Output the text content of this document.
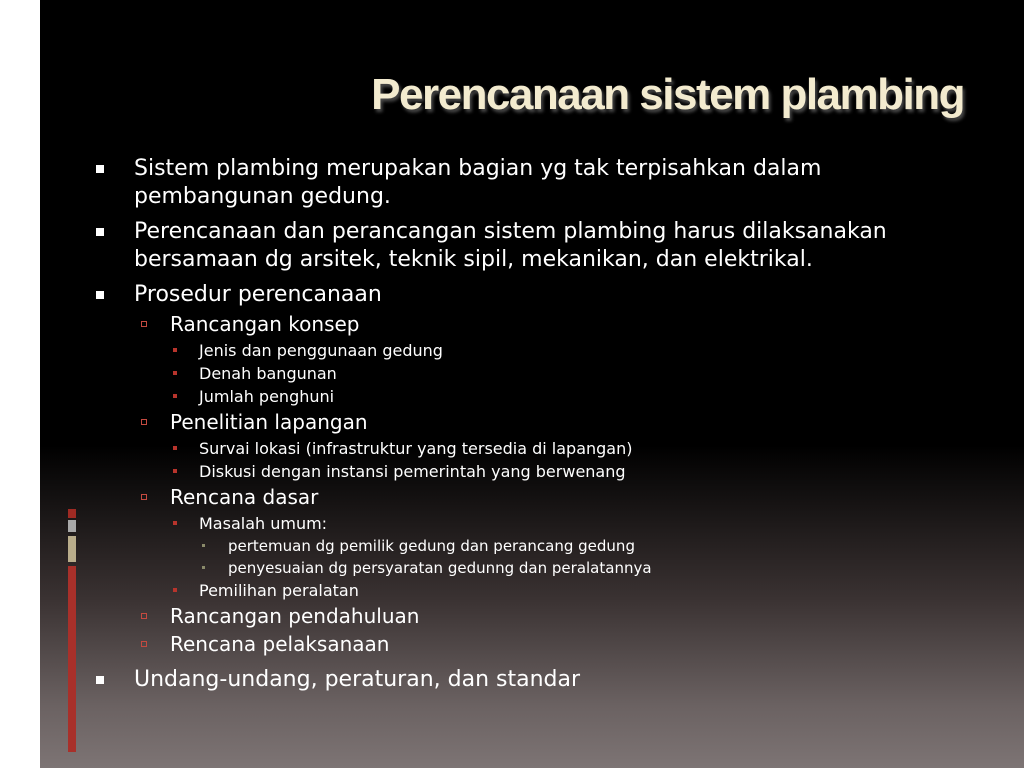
Perencanaan sistem plambing
Sistem plambing merupakan bagian yg tak terpisahkan dalam pembangunan gedung.
Perencanaan dan perancangan sistem plambing harus dilaksanakan bersamaan dg arsitek, teknik sipil, mekanikan, dan elektrikal.
Prosedur perencanaan
Rancangan konsep
Jenis dan penggunaan gedung
Denah bangunan
Jumlah penghuni
Penelitian lapangan
Survai lokasi (infrastruktur yang tersedia di lapangan)
Diskusi dengan instansi pemerintah yang berwenang
Rencana dasar
Masalah umum:
pertemuan dg pemilik gedung dan perancang gedung
penyesuaian dg persyaratan gedunng dan peralatannya
Pemilihan peralatan
Rancangan pendahuluan
Rencana pelaksanaan
Undang-undang, peraturan, dan standar
